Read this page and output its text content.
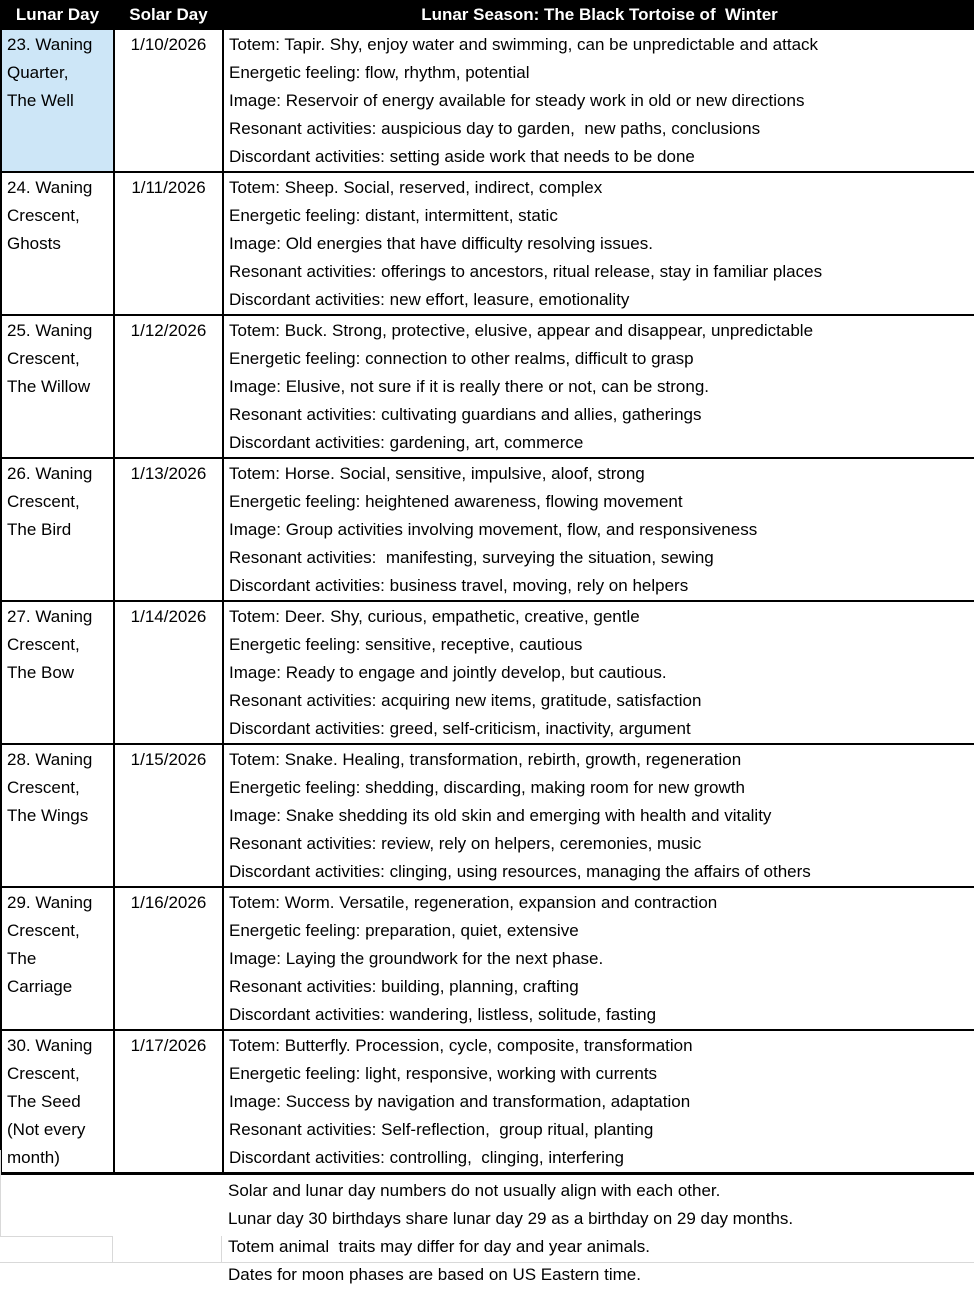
Lunar Day	Solar Day	Lunar Season: The Black Tortoise of  Winter
23. Waning Quarter, The Well	1/10/2026	Totem: Tapir. Shy, enjoy water and swimming, can be unpredictable and attack
Energetic feeling: flow, rhythm, potential
Image: Reservoir of energy available for steady work in old or new directions
Resonant activities: auspicious day to garden,  new paths, conclusions
Discordant activities: setting aside work that needs to be done

24. Waning Crescent, Ghosts	1/11/2026	Totem: Sheep. Social, reserved, indirect, complex
Energetic feeling: distant, intermittent, static
Image: Old energies that have difficulty resolving issues.
Resonant activities: offerings to ancestors, ritual release, stay in familiar places
Discordant activities: new effort, leasure, emotionality

25. Waning Crescent, The Willow	1/12/2026	Totem: Buck. Strong, protective, elusive, appear and disappear, unpredictable
Energetic feeling: connection to other realms, difficult to grasp
Image: Elusive, not sure if it is really there or not, can be strong.
Resonant activities: cultivating guardians and allies, gatherings
Discordant activities: gardening, art, commerce

26. Waning Crescent, The Bird	1/13/2026	Totem: Horse. Social, sensitive, impulsive, aloof, strong
Energetic feeling: heightened awareness, flowing movement
Image: Group activities involving movement, flow, and responsiveness
Resonant activities:  manifesting, surveying the situation, sewing
Discordant activities: business travel, moving, rely on helpers

27. Waning Crescent, The Bow	1/14/2026	Totem: Deer. Shy, curious, empathetic, creative, gentle
Energetic feeling: sensitive, receptive, cautious
Image: Ready to engage and jointly develop, but cautious.
Resonant activities: acquiring new items, gratitude, satisfaction
Discordant activities: greed, self-criticism, inactivity, argument

28. Waning Crescent, The Wings	1/15/2026	Totem: Snake. Healing, transformation, rebirth, growth, regeneration
Energetic feeling: shedding, discarding, making room for new growth
Image: Snake shedding its old skin and emerging with health and vitality
Resonant activities: review, rely on helpers, ceremonies, music
Discordant activities: clinging, using resources, managing the affairs of others

29. Waning Crescent, The Carriage	1/16/2026	Totem: Worm. Versatile, regeneration, expansion and contraction
Energetic feeling: preparation, quiet, extensive
Image: Laying the groundwork for the next phase.
Resonant activities: building, planning, crafting
Discordant activities: wandering, listless, solitude, fasting

30. Waning Crescent, The Seed (Not every month)	1/17/2026	Totem: Butterfly. Procession, cycle, composite, transformation
Energetic feeling: light, responsive, working with currents
Image: Success by navigation and transformation, adaptation
Resonant activities: Self-reflection,  group ritual, planting
Discordant activities: controlling,  clinging, interfering
Solar and lunar day numbers do not usually align with each other.
Lunar day 30 birthdays share lunar day 29 as a birthday on 29 day months.
Totem animal  traits may differ for day and year animals.
Dates for moon phases are based on US Eastern time.
